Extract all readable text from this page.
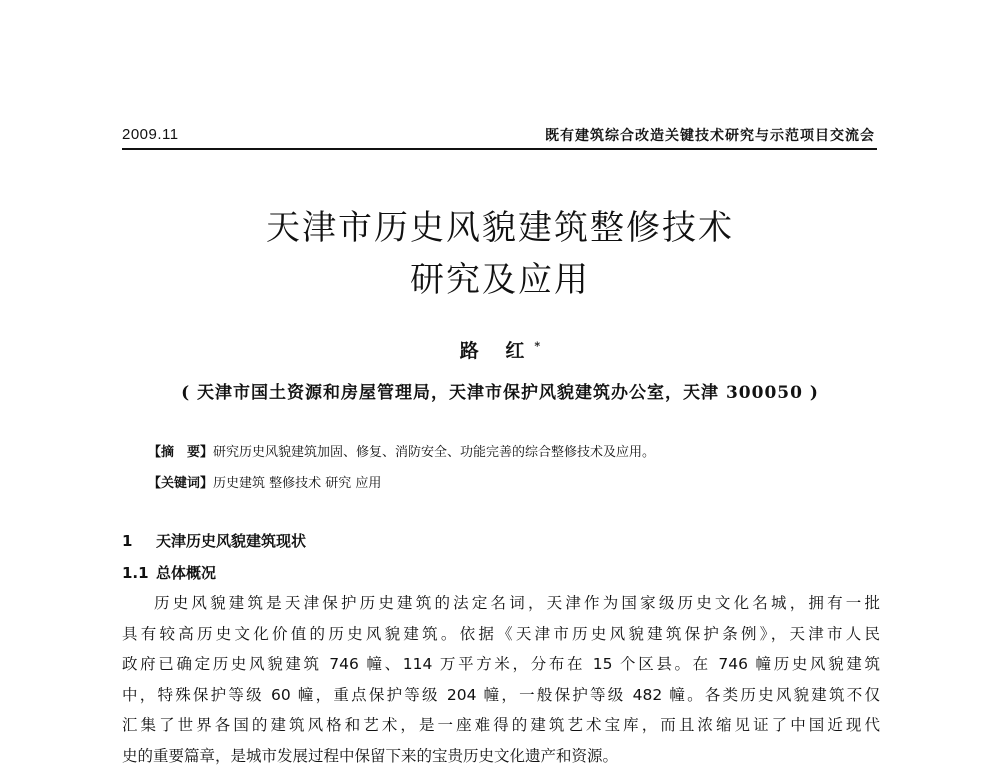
2009.11	既有建筑综合改造关键技术研究与示范项目交流会
天津市历史风貌建筑整修技术
研究及应用
路 红*
( 天津市国土资源和房屋管理局，天津市保护风貌建筑办公室，天津 300050 )
【摘　要】研究历史风貌建筑加固、修复、消防安全、功能完善的综合整修技术及应用。
【关键词】历史建筑 整修技术 研究 应用
1 天津历史风貌建筑现状
1.1 总体概况
历史风貌建筑是天津保护历史建筑的法定名词，天津作为国家级历史文化名城，拥有一批
具有较高历史文化价值的历史风貌建筑。依据《天津市历史风貌建筑保护条例》，天津市人民
政府已确定历史风貌建筑 746 幢、114 万平方米，分布在 15 个区县。在 746 幢历史风貌建筑
中，特殊保护等级 60 幢，重点保护等级 204 幢，一般保护等级 482 幢。各类历史风貌建筑不仅
汇集了世界各国的建筑风格和艺术，是一座难得的建筑艺术宝库，而且浓缩见证了中国近现代
史的重要篇章，是城市发展过程中保留下来的宝贵历史文化遗产和资源。
